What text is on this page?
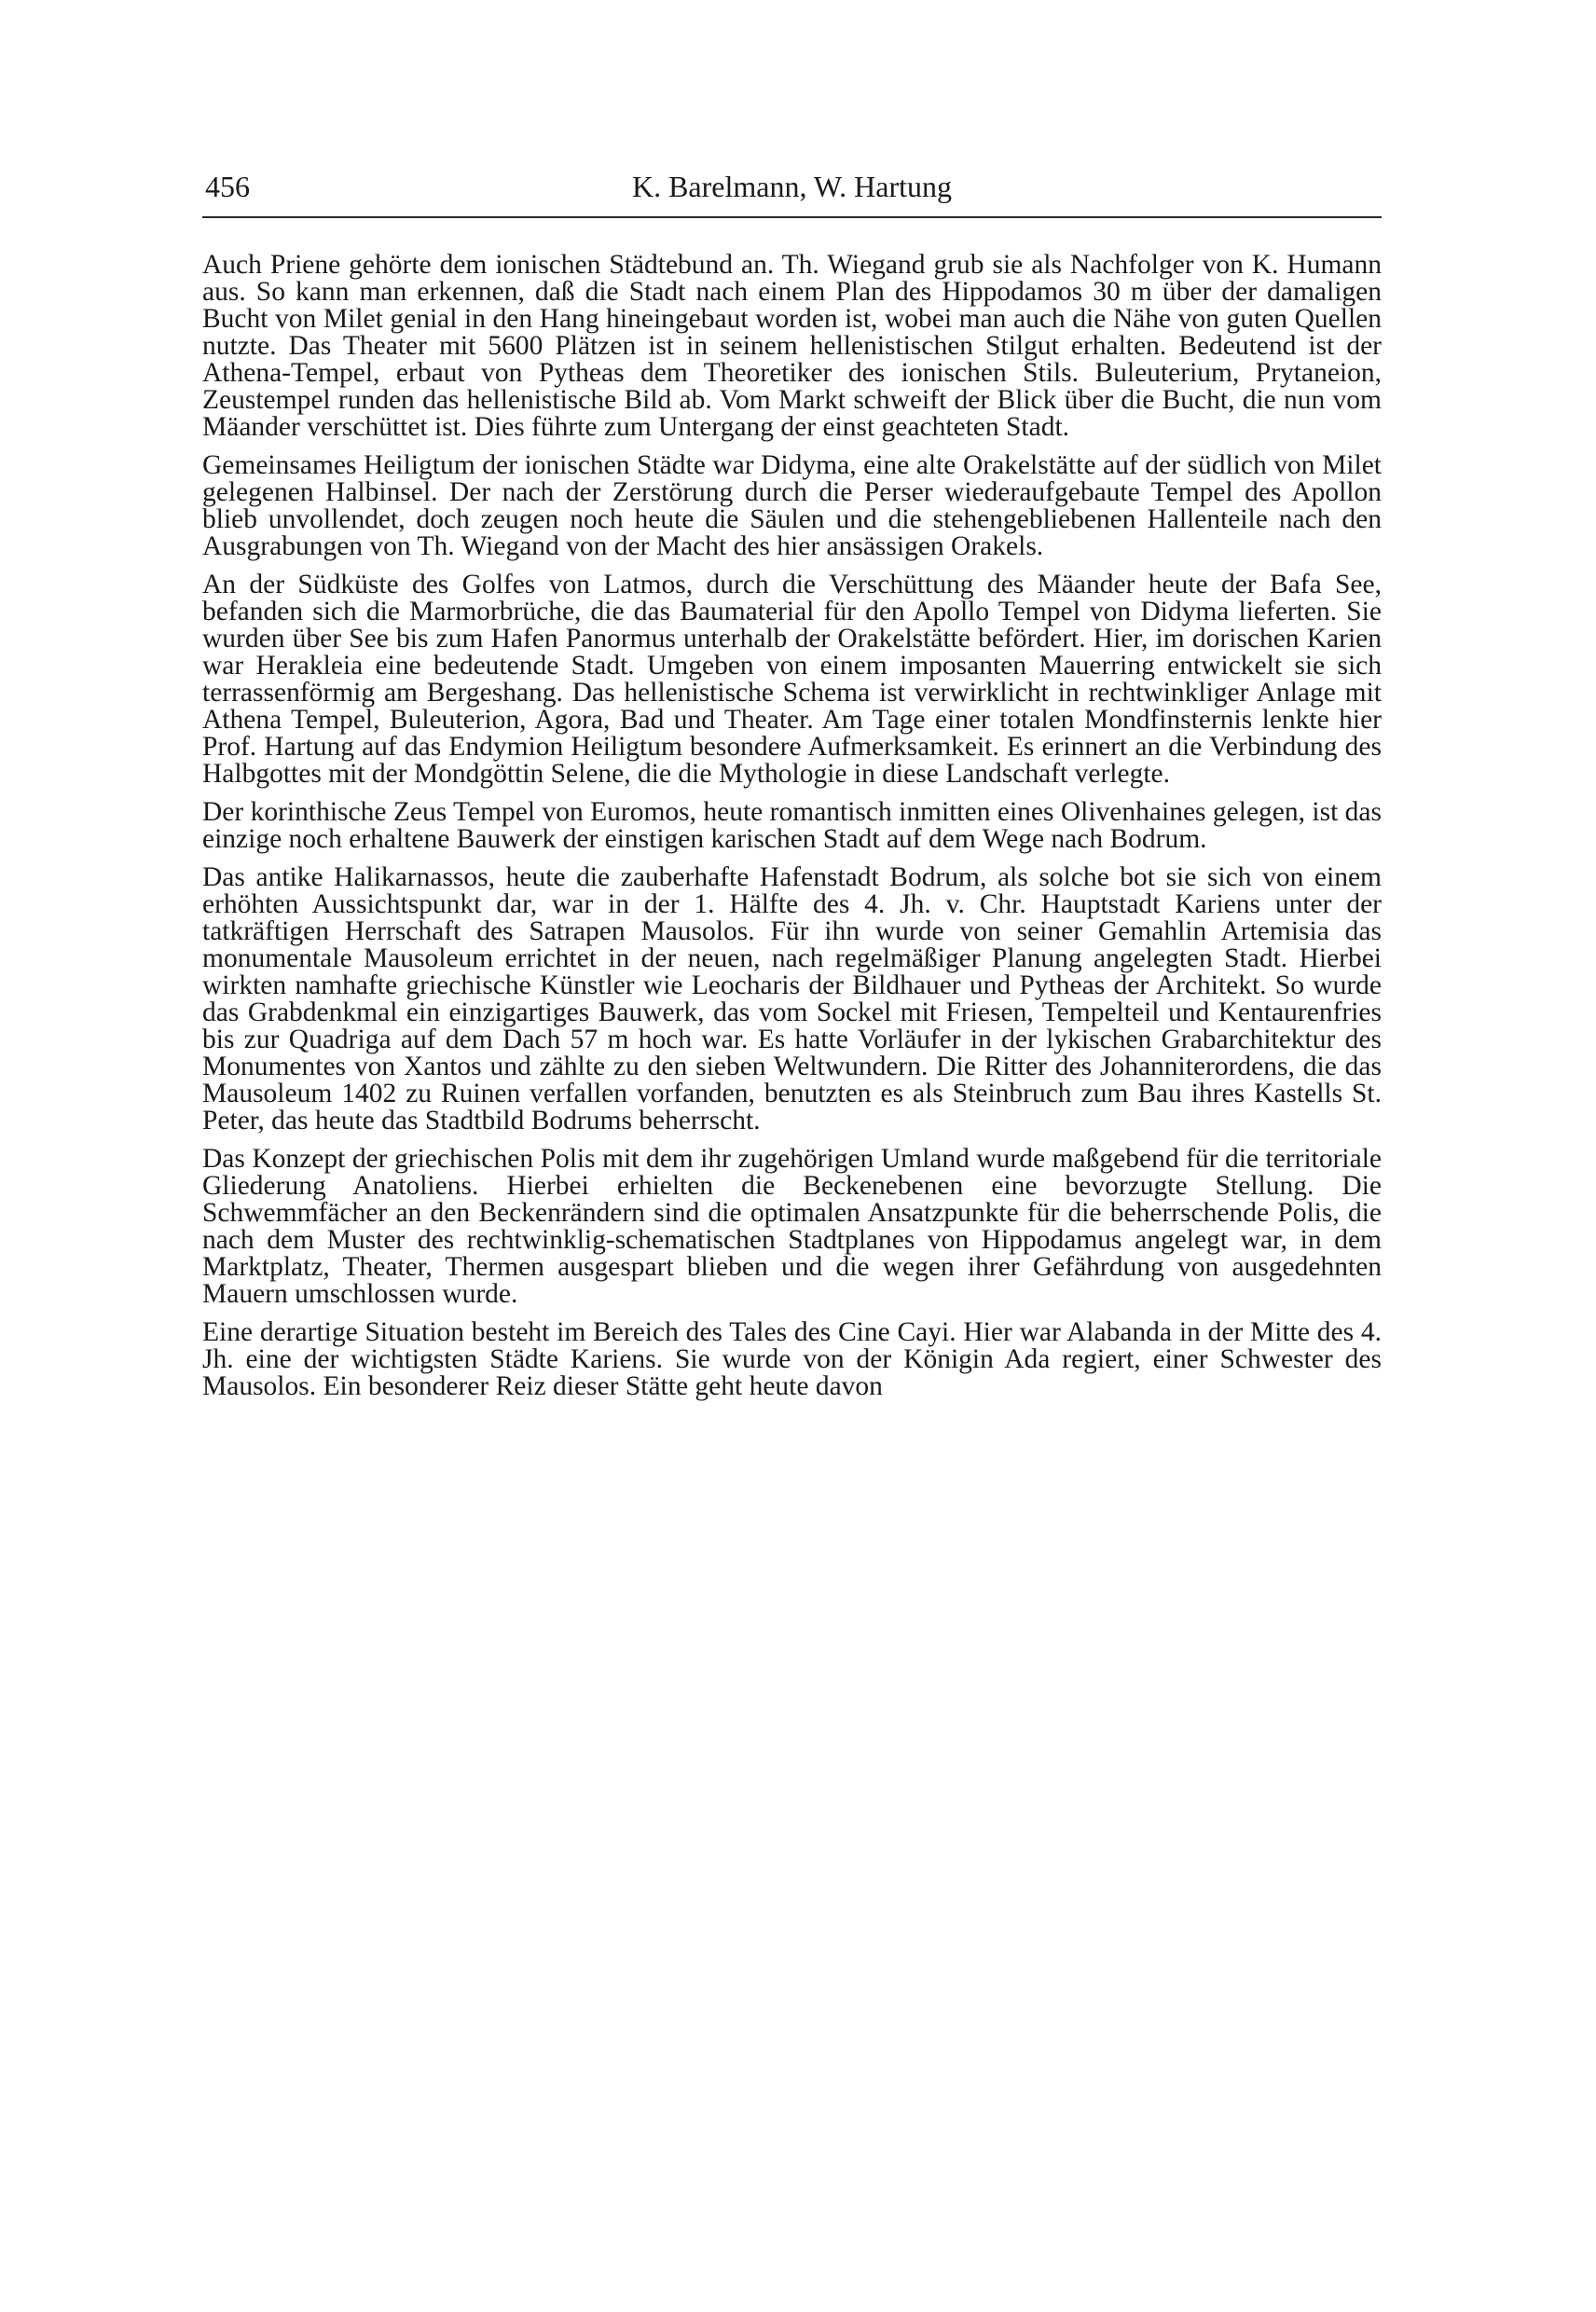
456	K. Barelmann, W. Hartung

Auch Priene gehörte dem ionischen Städtebund an. Th. Wiegand grub sie als Nachfolger von K. Humann aus. So kann man erkennen, daß die Stadt nach einem Plan des Hippodamos 30 m über der damaligen Bucht von Milet genial in den Hang hineingebaut worden ist, wobei man auch die Nähe von guten Quellen nutzte. Das Theater mit 5600 Plätzen ist in seinem hellenistischen Stilgut erhalten. Bedeutend ist der Athena-Tempel, erbaut von Pytheas dem Theoretiker des ionischen Stils. Buleuterium, Prytaneion, Zeustempel runden das hellenistische Bild ab. Vom Markt schweift der Blick über die Bucht, die nun vom Mäander verschüttet ist. Dies führte zum Untergang der einst geachteten Stadt.

Gemeinsames Heiligtum der ionischen Städte war Didyma, eine alte Orakelstätte auf der südlich von Milet gelegenen Halbinsel. Der nach der Zerstörung durch die Perser wiederaufgebaute Tempel des Apollon blieb unvollendet, doch zeugen noch heute die Säulen und die stehengebliebenen Hallenteile nach den Ausgrabungen von Th. Wiegand von der Macht des hier ansässigen Orakels.

An der Südküste des Golfes von Latmos, durch die Verschüttung des Mäander heute der Bafa See, befanden sich die Marmorbrüche, die das Baumaterial für den Apollo Tempel von Didyma lieferten. Sie wurden über See bis zum Hafen Panormus unterhalb der Orakelstätte befördert. Hier, im dorischen Karien war Herakleia eine bedeutende Stadt. Umgeben von einem imposanten Mauerring entwickelt sie sich terrassenförmig am Bergeshang. Das hellenistische Schema ist verwirklicht in rechtwinkliger Anlage mit Athena Tempel, Buleuterion, Agora, Bad und Theater. Am Tage einer totalen Mondfinsternis lenkte hier Prof. Hartung auf das Endymion Heiligtum besondere Aufmerksamkeit. Es erinnert an die Verbindung des Halbgottes mit der Mondgöttin Selene, die die Mythologie in diese Landschaft verlegte.

Der korinthische Zeus Tempel von Euromos, heute romantisch inmitten eines Olivenhaines gelegen, ist das einzige noch erhaltene Bauwerk der einstigen karischen Stadt auf dem Wege nach Bodrum.

Das antike Halikarnassos, heute die zauberhafte Hafenstadt Bodrum, als solche bot sie sich von einem erhöhten Aussichtspunkt dar, war in der 1. Hälfte des 4. Jh. v. Chr. Hauptstadt Kariens unter der tatkräftigen Herrschaft des Satrapen Mausolos. Für ihn wurde von seiner Gemahlin Artemisia das monumentale Mausoleum errichtet in der neuen, nach regelmäßiger Planung angelegten Stadt. Hierbei wirkten namhafte griechische Künstler wie Leocharis der Bildhauer und Pytheas der Architekt. So wurde das Grabdenkmal ein einzigartiges Bauwerk, das vom Sockel mit Friesen, Tempelteil und Kentaurenfries bis zur Quadriga auf dem Dach 57 m hoch war. Es hatte Vorläufer in der lykischen Grabarchitektur des Monumentes von Xantos und zählte zu den sieben Weltwundern. Die Ritter des Johanniterordens, die das Mausoleum 1402 zu Ruinen verfallen vorfanden, benutzten es als Steinbruch zum Bau ihres Kastells St. Peter, das heute das Stadtbild Bodrums beherrscht.

Das Konzept der griechischen Polis mit dem ihr zugehörigen Umland wurde maßgebend für die territoriale Gliederung Anatoliens. Hierbei erhielten die Beckenebenen eine bevorzugte Stellung. Die Schwemmfächer an den Beckenrändern sind die optimalen Ansatzpunkte für die beherrschende Polis, die nach dem Muster des rechtwinklig-schematischen Stadtplanes von Hippodamus angelegt war, in dem Marktplatz, Theater, Thermen ausgespart blieben und die wegen ihrer Gefährdung von ausgedehnten Mauern umschlossen wurde.

Eine derartige Situation besteht im Bereich des Tales des Cine Cayi. Hier war Alabanda in der Mitte des 4. Jh. eine der wichtigsten Städte Kariens. Sie wurde von der Königin Ada regiert, einer Schwester des Mausolos. Ein besonderer Reiz dieser Stätte geht heute davon
